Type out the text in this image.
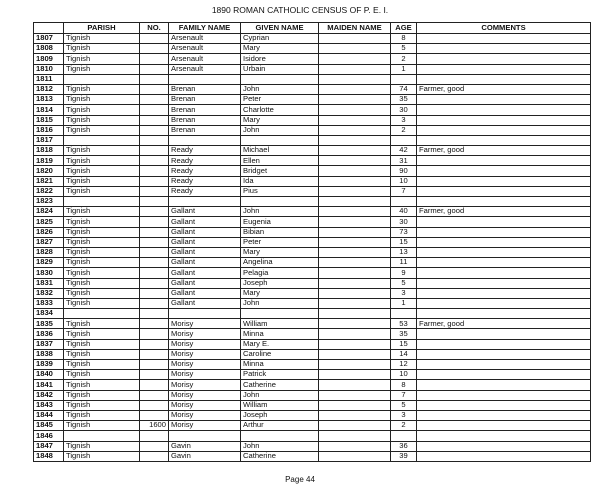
1890 ROMAN CATHOLIC CENSUS OF P. E. I.
	PARISH	NO.	FAMILY NAME	GIVEN NAME	MAIDEN NAME	AGE	COMMENTS
1807	Tignish		Arsenault	Cyprian		8	
1808	Tignish		Arsenault	Mary		5	
1809	Tignish		Arsenault	Isidore		2	
1810	Tignish		Arsenault	Urbain		1	
1811							
1812	Tignish		Brenan	John		74	Farmer, good
1813	Tignish		Brenan	Peter		35	
1814	Tignish		Brenan	Charlotte		30	
1815	Tignish		Brenan	Mary		3	
1816	Tignish		Brenan	John		2	
1817							
1818	Tignish		Ready	Michael		42	Farmer, good
1819	Tignish		Ready	Ellen		31	
1820	Tignish		Ready	Bridget		90	
1821	Tignish		Ready	Ida		10	
1822	Tignish		Ready	Pius		7	
1823							
1824	Tignish		Gallant	John		40	Farmer, good
1825	Tignish		Gallant	Eugenia		30	
1826	Tignish		Gallant	Bibian		73	
1827	Tignish		Gallant	Peter		15	
1828	Tignish		Gallant	Mary		13	
1829	Tignish		Gallant	Angelina		11	
1830	Tignish		Gallant	Pelagia		9	
1831	Tignish		Gallant	Joseph		5	
1832	Tignish		Gallant	Mary		3	
1833	Tignish		Gallant	John		1	
1834							
1835	Tignish		Morisy	William		53	Farmer, good
1836	Tignish		Morisy	Minna		35	
1837	Tignish		Morisy	Mary E.		15	
1838	Tignish		Morisy	Caroline		14	
1839	Tignish		Morisy	Minna		12	
1840	Tignish		Morisy	Patrick		10	
1841	Tignish		Morisy	Catherine		8	
1842	Tignish		Morisy	John		7	
1843	Tignish		Morisy	William		5	
1844	Tignish		Morisy	Joseph		3	
1845	Tignish	1600	Morisy	Arthur		2	
1846							
1847	Tignish		Gavin	John		36	
1848	Tignish		Gavin	Catherine		39	
Page 44
